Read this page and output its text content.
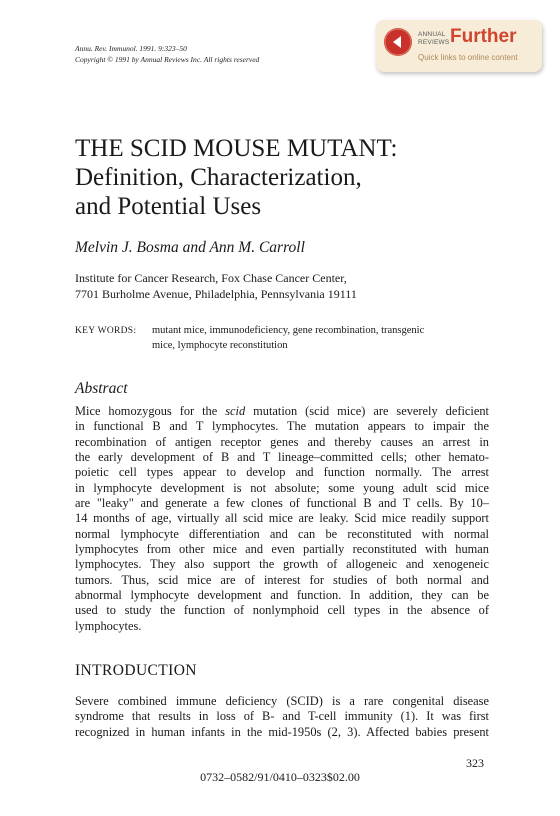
Annu. Rev. Immunol. 1991. 9:323–50
Copyright © 1991 by Annual Reviews Inc. All rights reserved
ANNUAL
REVIEWS Further
Quick links to online content
THE SCID MOUSE MUTANT:
Definition, Characterization,
and Potential Uses
Melvin J. Bosma and Ann M. Carroll
Institute for Cancer Research, Fox Chase Cancer Center,
7701 Burholme Avenue, Philadelphia, Pennsylvania 19111
KEY WORDS: mutant mice, immunodeficiency, gene recombination, transgenic
mice, lymphocyte reconstitution
Abstract
Mice homozygous for the scid mutation (scid mice) are severely deficient
in functional B and T lymphocytes. The mutation appears to impair the
recombination of antigen receptor genes and thereby causes an arrest in
the early development of B and T lineage–committed cells; other hemato-
poietic cell types appear to develop and function normally. The arrest
in lymphocyte development is not absolute; some young adult scid mice
are "leaky" and generate a few clones of functional B and T cells. By 10–
14 months of age, virtually all scid mice are leaky. Scid mice readily support
normal lymphocyte differentiation and can be reconstituted with normal
lymphocytes from other mice and even partially reconstituted with human
lymphocytes. They also support the growth of allogeneic and xenogeneic
tumors. Thus, scid mice are of interest for studies of both normal and
abnormal lymphocyte development and function. In addition, they can be
used to study the function of nonlymphoid cell types in the absence of
lymphocytes.
INTRODUCTION
Severe combined immune deficiency (SCID) is a rare congenital disease
syndrome that results in loss of B- and T-cell immunity (1). It was first
recognized in human infants in the mid-1950s (2, 3). Affected babies present
323
0732–0582/91/0410–0323$02.00
